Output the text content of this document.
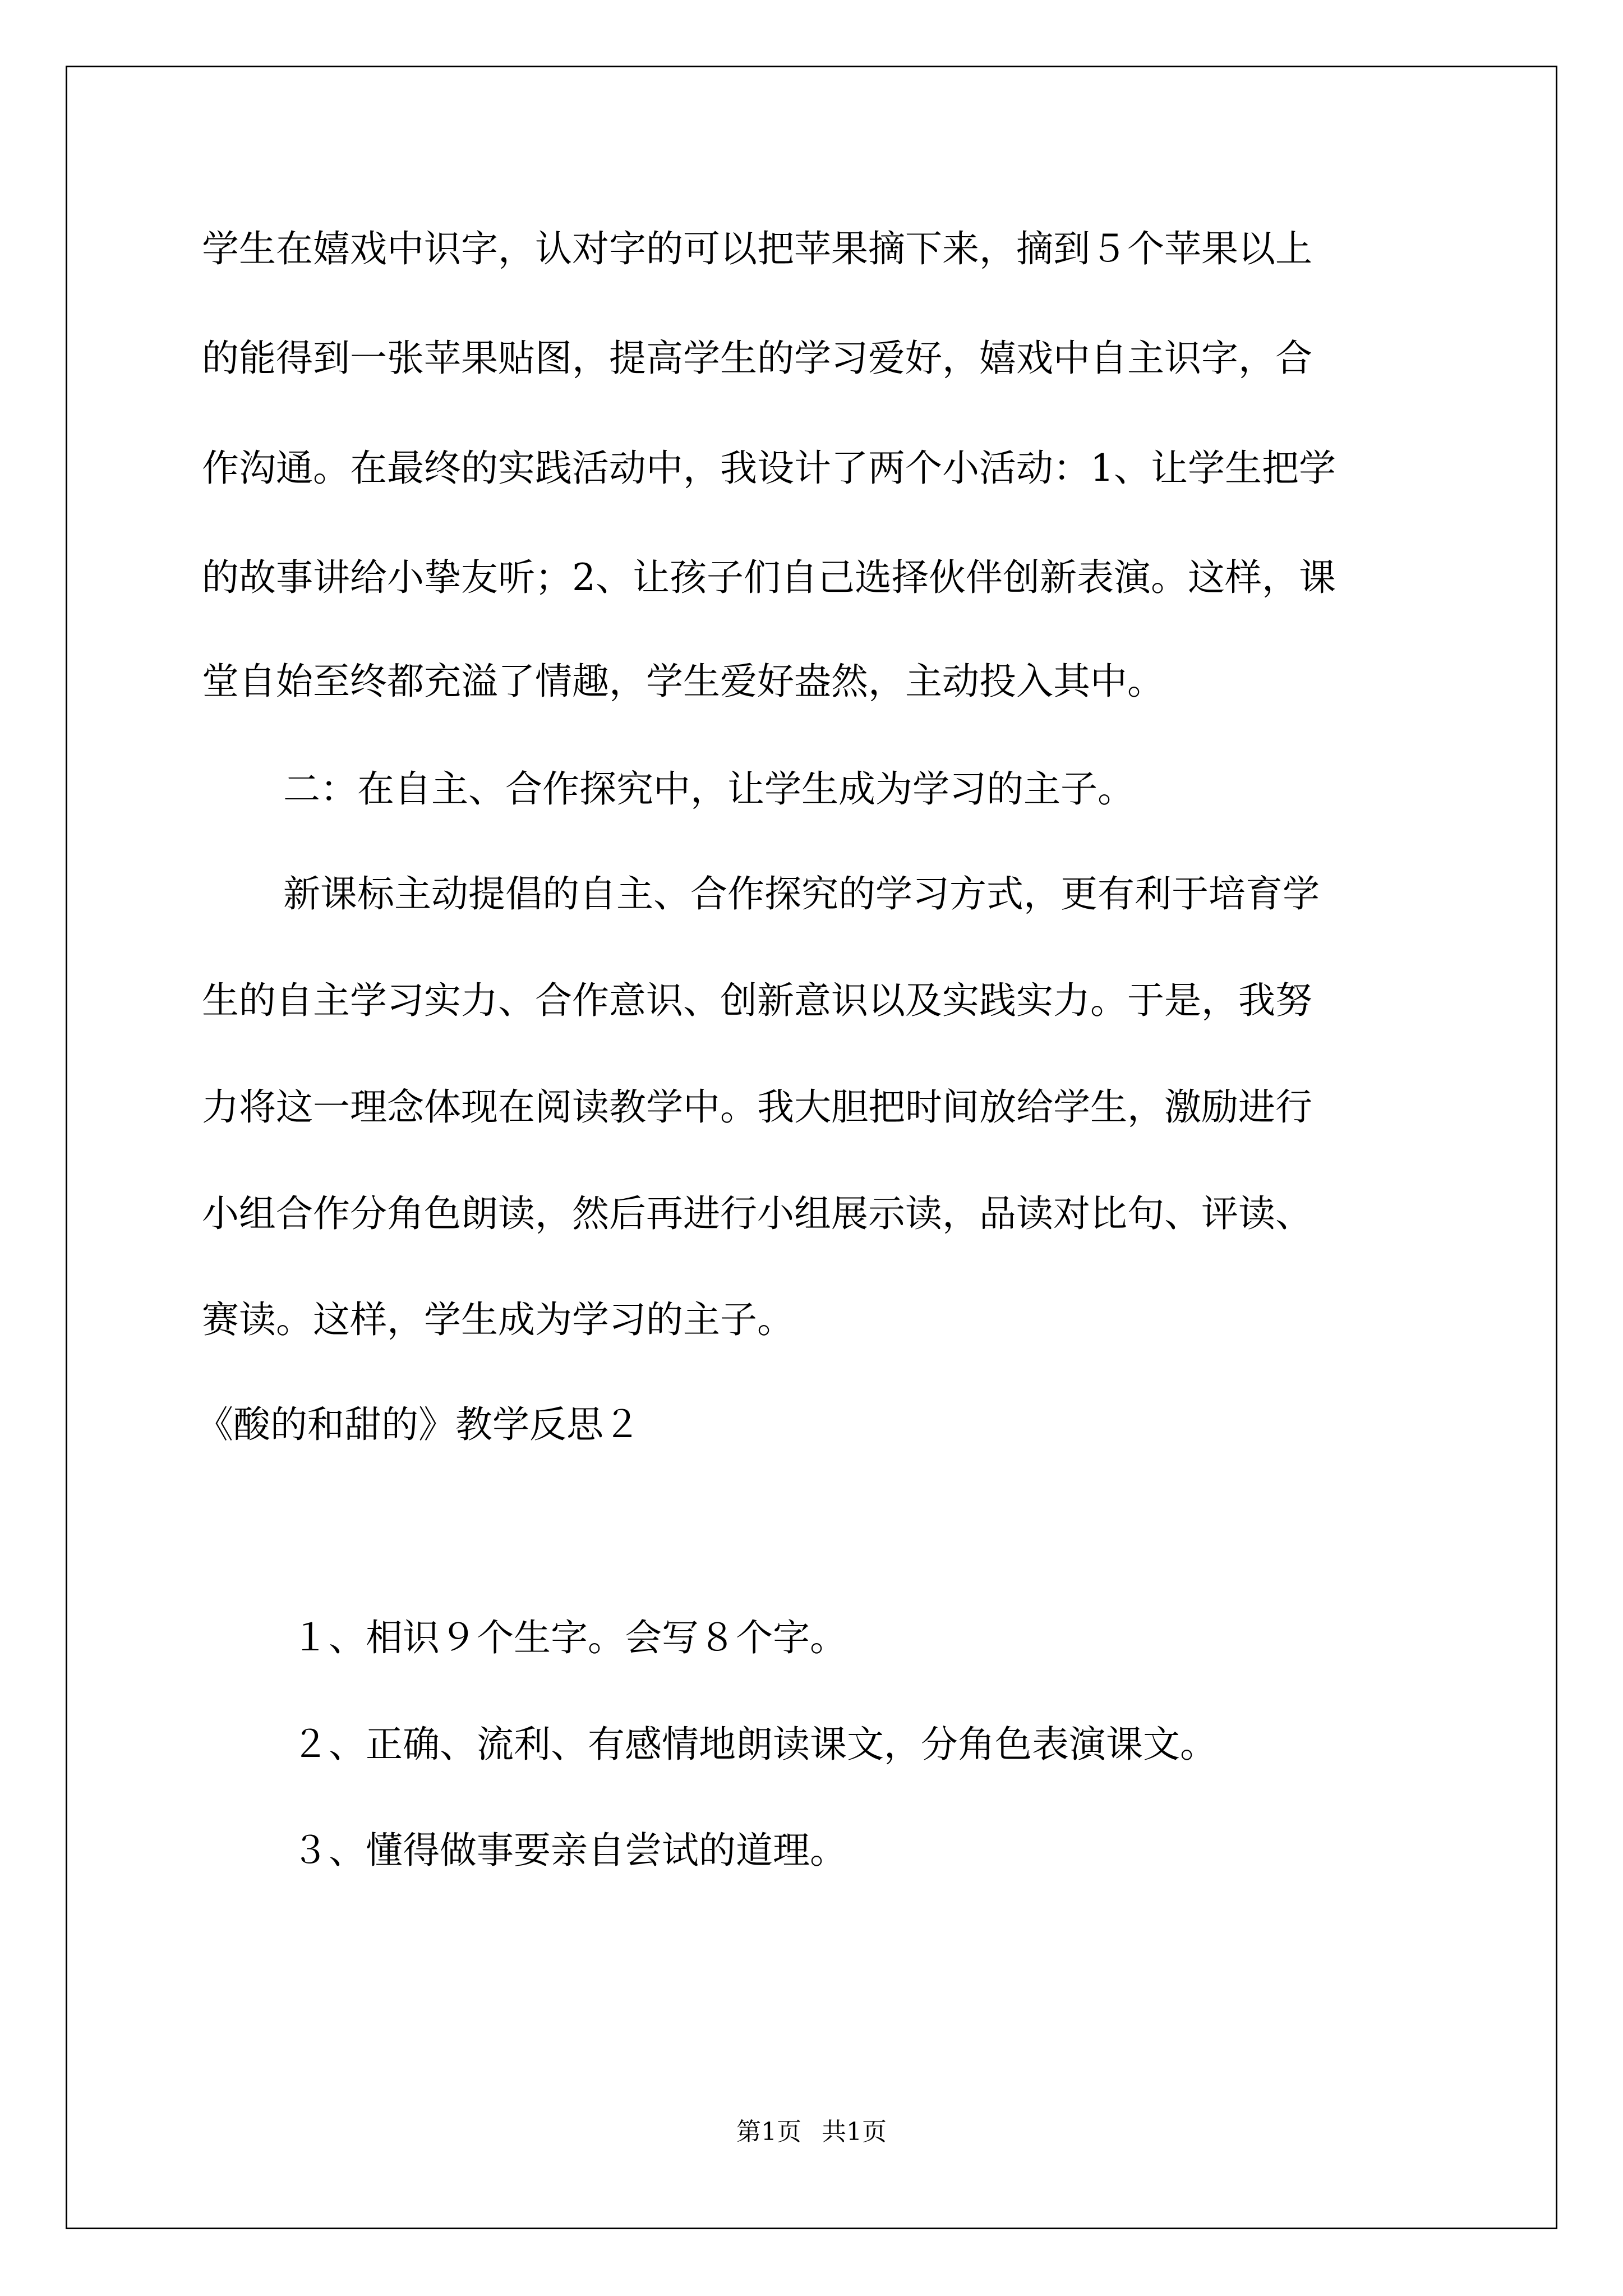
学生在嬉戏中识字，认对字的可以把苹果摘下来，摘到５个苹果以上
的能得到一张苹果贴图，提高学生的学习爱好，嬉戏中自主识字，合
作沟通。在最终的实践活动中，我设计了两个小活动：1、让学生把学
的故事讲给小挚友听；2、让孩子们自己选择伙伴创新表演。这样，课
堂自始至终都充溢了情趣，学生爱好盎然，主动投入其中。
二：在自主、合作探究中，让学生成为学习的主子。
新课标主动提倡的自主、合作探究的学习方式，更有利于培育学
生的自主学习实力、合作意识、创新意识以及实践实力。于是，我努
力将这一理念体现在阅读教学中。我大胆把时间放给学生，激励进行
小组合作分角色朗读，然后再进行小组展示读，品读对比句、评读、
赛读。这样，学生成为学习的主子。
《酸的和甜的》教学反思２
１、相识９个生字。会写８个字。
２、正确、流利、有感情地朗读课文，分角色表演课文。
３、懂得做事要亲自尝试的道理。
第1页 共1页
